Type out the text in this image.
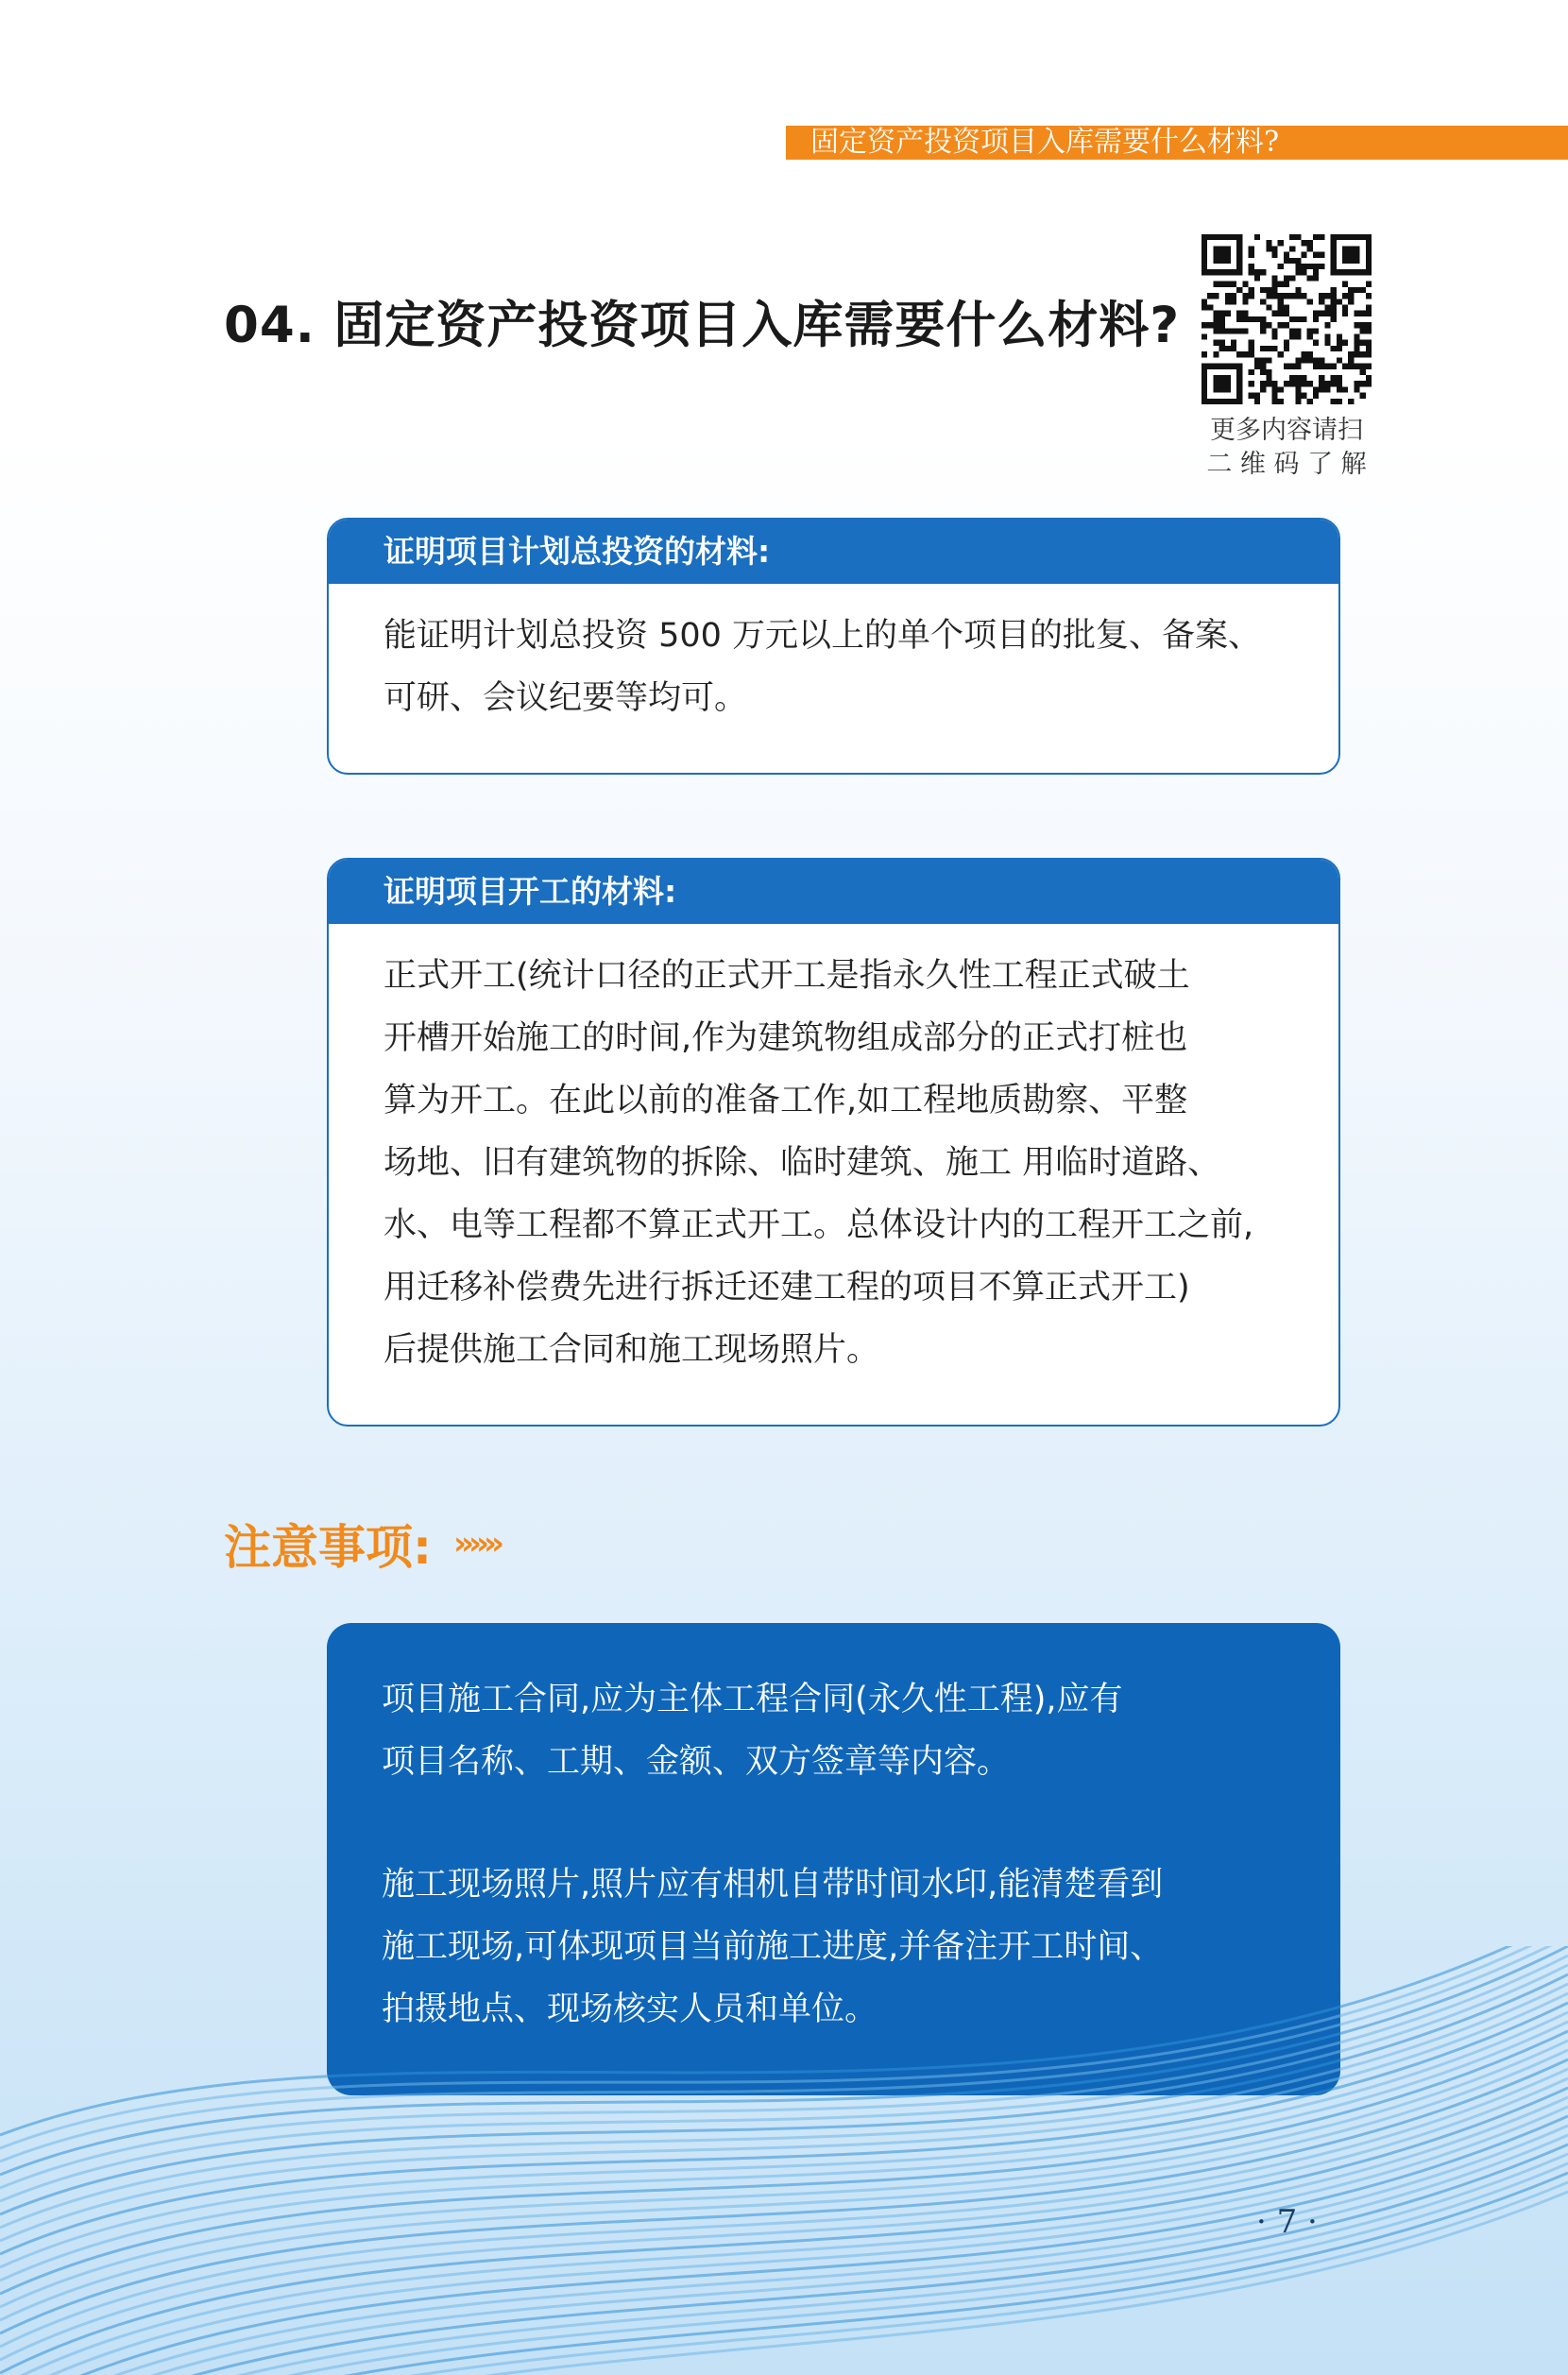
固定资产投资项目入库需要什么材料?
04. 固定资产投资项目入库需要什么材料?
更多内容请扫
二 维 码 了 解
证明项目计划总投资的材料:
能证明计划总投资 500 万元以上的单个项目的批复、备案、
可研、会议纪要等均可。
证明项目开工的材料:
正式开工(统计口径的正式开工是指永久性工程正式破土
开槽开始施工的时间,作为建筑物组成部分的正式打桩也
算为开工。在此以前的准备工作,如工程地质勘察、平整
场地、旧有建筑物的拆除、临时建筑、施工 用临时道路、
水、电等工程都不算正式开工。总体设计内的工程开工之前,
用迁移补偿费先进行拆迁还建工程的项目不算正式开工)
后提供施工合同和施工现场照片。
注意事项: ››››››

项目施工合同,应为主体工程合同(永久性工程),应有
项目名称、工期、金额、双方签章等内容。

施工现场照片,照片应有相机自带时间水印,能清楚看到
施工现场,可体现项目当前施工进度,并备注开工时间、
拍摄地点、现场核实人员和单位。

· 7 ·
